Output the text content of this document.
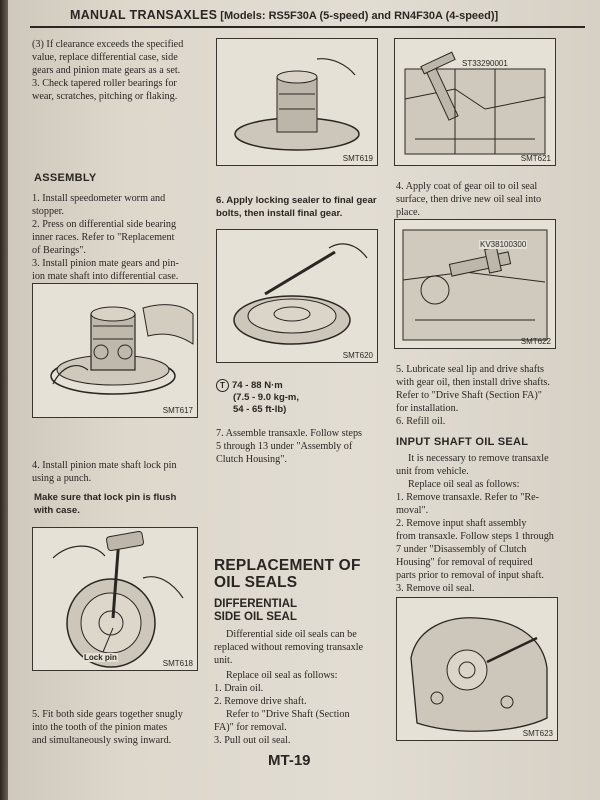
MANUAL TRANSAXLES [Models: RS5F30A (5-speed) and RN4F30A (4-speed)]

(3) If clearance exceeds the specified

value, replace differential case, side

gears and pinion mate gears as a set.

3. Check tapered roller bearings for

wear, scratches, pitching or flaking.

ASSEMBLY

1. Install speedometer worm and

stopper.

2. Press on differential side bearing

inner races. Refer to "Replacement

of Bearings".

3. Install pinion mate gears and pin-

ion mate shaft into differential case.

SMT617

4. Install pinion mate shaft lock pin

using a punch.

Make sure that lock pin is flush

with case.

Lock pin
SMT618

5. Fit both side gears together snugly

into the tooth of the pinion mates

and simultaneously swing inward.

SMT619

6. Apply locking sealer to final gear

bolts, then install final gear.

SMT620
T 74 - 88 N·m
(7.5 - 9.0 kg-m,
54 - 65 ft-lb)

7. Assemble transaxle. Follow steps

5 through 13 under "Assembly of

Clutch Housing".

REPLACEMENT OF
OIL SEALS
DIFFERENTIAL
SIDE OIL SEAL

Differential side oil seals can be

replaced without removing transaxle

unit.

Replace oil seal as follows:

1. Drain oil.

2. Remove drive shaft.

Refer to "Drive Shaft (Section

FA)" for removal.

3. Pull out oil seal.

MT-19
ST33290001
SMT621

4. Apply coat of gear oil to oil seal

surface, then drive new oil seal into

place.

KV38100300
SMT622

5. Lubricate seal lip and drive shafts

with gear oil, then install drive shafts.

Refer to "Drive Shaft (Section FA)"

for installation.

6. Refill oil.

INPUT SHAFT OIL SEAL

It is necessary to remove transaxle

unit from vehicle.

Replace oil seal as follows:

1. Remove transaxle. Refer to "Re-

moval".

2. Remove input shaft assembly

from transaxle. Follow steps 1 through

7 under "Disassembly of Clutch

Housing" for removal of required

parts prior to removal of input shaft.

3. Remove oil seal.

SMT623
